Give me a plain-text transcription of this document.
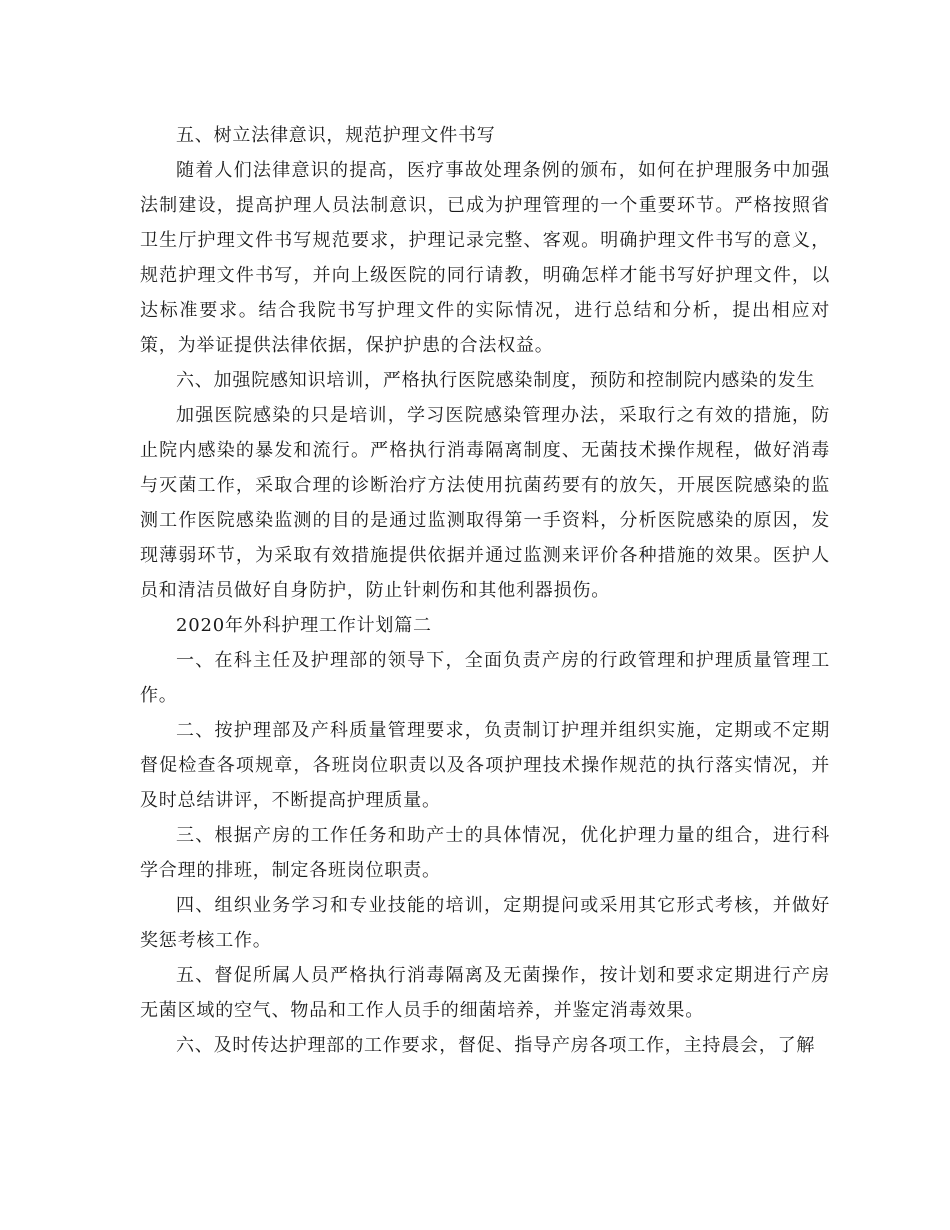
五、树立法律意识，规范护理文件书写

随着人们法律意识的提高，医疗事故处理条例的颁布，如何在护理服务中加强法制建设，提高护理人员法制意识，已成为护理管理的一个重要环节。严格按照省卫生厅护理文件书写规范要求，护理记录完整、客观。明确护理文件书写的意义，规范护理文件书写，并向上级医院的同行请教，明确怎样才能书写好护理文件，以达标准要求。结合我院书写护理文件的实际情况，进行总结和分析，提出相应对策，为举证提供法律依据，保护护患的合法权益。

六、加强院感知识培训，严格执行医院感染制度，预防和控制院内感染的发生

加强医院感染的只是培训，学习医院感染管理办法，采取行之有效的措施，防止院内感染的暴发和流行。严格执行消毒隔离制度、无菌技术操作规程，做好消毒与灭菌工作，采取合理的诊断治疗方法使用抗菌药要有的放矢，开展医院感染的监测工作医院感染监测的目的是通过监测取得第一手资料，分析医院感染的原因，发现薄弱环节，为采取有效措施提供依据并通过监测来评价各种措施的效果。医护人员和清洁员做好自身防护，防止针刺伤和其他利器损伤。

2020年外科护理工作计划篇二

一、在科主任及护理部的领导下，全面负责产房的行政管理和护理质量管理工作。

二、按护理部及产科质量管理要求，负责制订护理并组织实施，定期或不定期督促检查各项规章，各班岗位职责以及各项护理技术操作规范的执行落实情况，并及时总结讲评，不断提高护理质量。

三、根据产房的工作任务和助产士的具体情况，优化护理力量的组合，进行科学合理的排班，制定各班岗位职责。

四、组织业务学习和专业技能的培训，定期提问或采用其它形式考核，并做好奖惩考核工作。

五、督促所属人员严格执行消毒隔离及无菌操作，按计划和要求定期进行产房无菌区域的空气、物品和工作人员手的细菌培养，并鉴定消毒效果。

六、及时传达护理部的工作要求，督促、指导产房各项工作，主持晨会，了解
